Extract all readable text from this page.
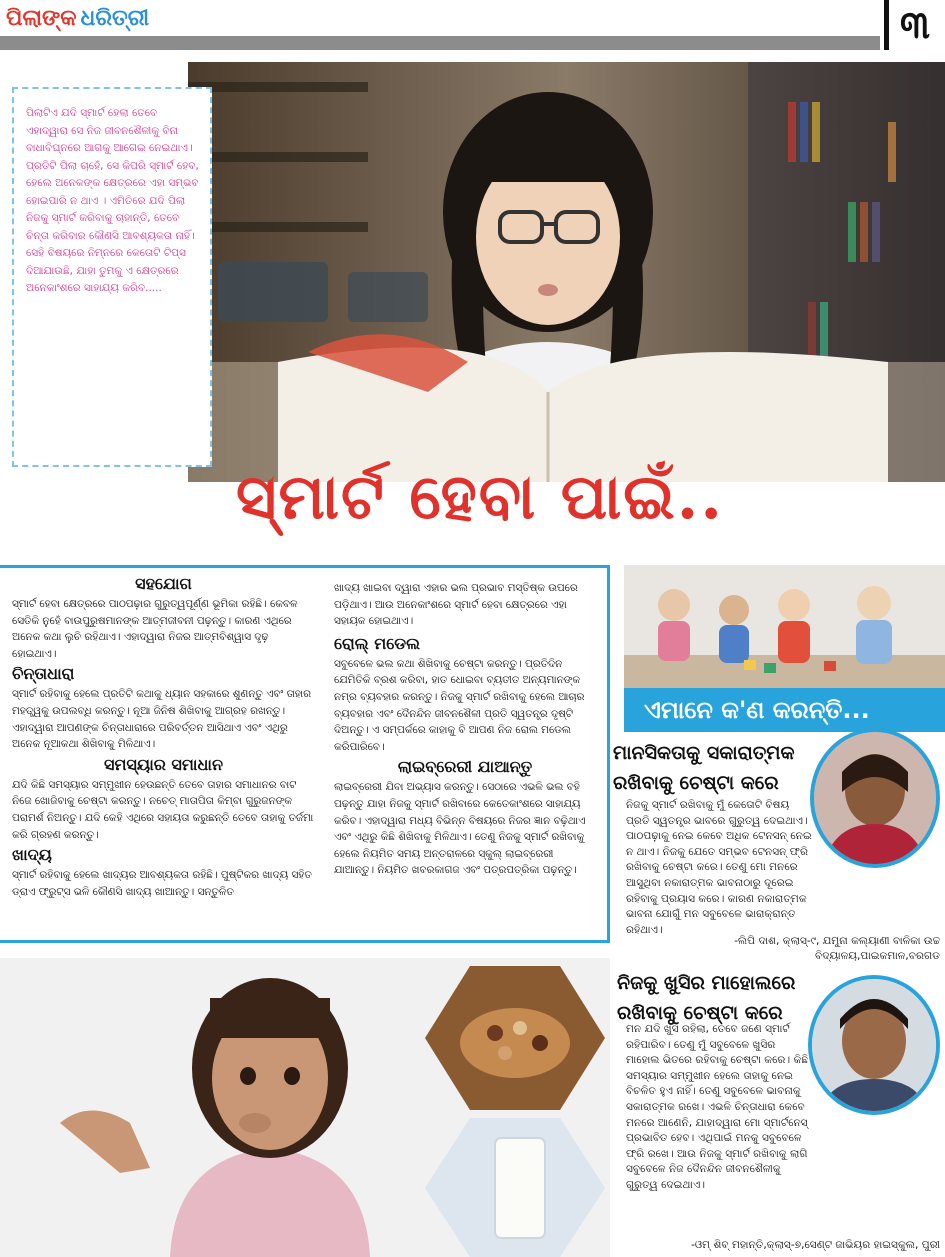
ପିଲାଙ୍କ ଧରିତ୍ରୀ	୩
ପିଲାଟିଏ ଯଦି ସ୍ମାର୍ଟ ହେଲା ତେବେ ଏହାଦ୍ୱାରା ସେ ନିଜ ଜୀବନଶୈଳୀକୁ ବିନା ବାଧାବିଘ୍ନରେ ଆଗକୁ ଆଗେଇ ନେଇଥାଏ। ପ୍ରତିଟି ପିଲା ଚାହେଁ, ସେ କିପରି ସ୍ମାର୍ଟ ହେବ, ହେଲେ ଅନେକଙ୍କ କ୍ଷେତ୍ରରେ ଏହା ସମ୍ଭବ ହୋଇପାରି ନ ଥାଏ । ଏମିତିରେ ଯଦି ପିଲା ନିଜକୁ ସ୍ମାର୍ଟ କରିବାକୁ ଚାହାନ୍ତି, ତେବେ ଚିନ୍ତା କରିବାର କୌଣସି ଆବଶ୍ୟକତା ନାହିଁ। ସେହି ବିଷୟରେ ନିମ୍ନରେ କେତୋଟି ଟିପ୍ସ ଦିଆଯାଉଛି, ଯାହା ତୁମକୁ ଏ କ୍ଷେତ୍ରରେ ଅନେକାଂଶରେ ସାହାଯ୍ୟ କରିବ.....
ସ୍ମାର୍ଟ ହେବା ପାଇଁ..
ସହଯୋଗ

ସ୍ମାର୍ଟ ହେବା କ୍ଷେତ୍ରରେ ପାଠପଢ଼ାର ଗୁରୁତ୍ୱପୂର୍ଣ୍ଣ ଭୂମିକା ରହିଛି। କେବଳ ସେତିକି ନୁହେଁ ବାଉପୁରୁଷମାନଙ୍କ ଆତ୍ମଜୀବନୀ ପଢ଼ନ୍ତୁ। କାରଣ ଏଥିରେ ଅନେକ କଥା ଲୁଚି ରହିଥାଏ। ଏହାଦ୍ୱାରା ନିଜର ଆତ୍ମବିଶ୍ୱାସ ଦୃଢ଼ ହୋଇଥାଏ।

ଚିନ୍ତାଧାରା

ସ୍ମାର୍ଟ ରହିବାକୁ ହେଲେ ପ୍ରତିଟି କଥାକୁ ଧ୍ୟାନ ସହକାରେ ଶୁଣନ୍ତୁ ଏବଂ ତାହାର ମହତ୍ତ୍ୱକୁ ଉପଲବ୍ଧି କରନ୍ତୁ। ନୂଆ ଜିନିଷ ଶିଖିବାକୁ ଆଗ୍ରହ ରଖନ୍ତୁ। ଏହାଦ୍ୱାରା ଆପଣଙ୍କ ଚିନ୍ତାଧାରାରେ ପରିବର୍ତ୍ତନ ଆସିଥାଏ ଏବଂ ଏଥିରୁ ଅନେକ ନୂଆକଥା ଶିଖିବାକୁ ମିଳିଥାଏ।

ସମସ୍ୟାର ସମାଧାନ

ଯଦି କିଛି ସମସ୍ୟାର ସମ୍ମୁଖୀନ ହେଉଛନ୍ତି ତେବେ ତାହାର ସମାଧାନର ବାଟ ନିଜେ ଖୋଜିବାକୁ ଚେଷ୍ଟା କରନ୍ତୁ। ନଚେତ୍ ମାତାପିତା କିମ୍ବା ଗୁରୁଜନଙ୍କ ପରାମର୍ଶ ନିଅନ୍ତୁ। ଯଦି କେହି ଏଥିରେ ସହାୟତା କରୁଛନ୍ତି ତେବେ ତାହାକୁ ତର୍ଜମା କରି ଗ୍ରହଣ କରନ୍ତୁ।

ଖାଦ୍ୟ

ସ୍ମାର୍ଟ ରହିବାକୁ ହେଲେ ଖାଦ୍ୟର ଆବଶ୍ୟକତା ରହିଛି। ପୁଷ୍ଟିକର ଖାଦ୍ୟ ସହିତ ଡ୍ରାଏ ଫ୍ରୁଟ୍ସ ଭଳି କୌଣସି ଖାଦ୍ୟ ଖାଆନ୍ତୁ। ସନ୍ତୁଳିତ

ଖାଦ୍ୟ ଖାଇବା ଦ୍ୱାରା ଏହାର ଭଲ ପ୍ରଭାବ ମସ୍ତିଷ୍କ ଉପରେ ପଡ଼ିଥାଏ। ଆଉ ଅନେକାଂଶରେ ସ୍ମାର୍ଟ ହେବା କ୍ଷେତ୍ରରେ ଏହା ସହାୟକ ହୋଇଥାଏ।

ରୋଲ୍ ମଡେଲ

ସବୁବେଳେ ଭଲ କଥା ଶିଖିବାକୁ ଚେଷ୍ଟା କରନ୍ତୁ। ପ୍ରତିଦିନ ଯେମିତିକି ବ୍ରଶ କରିବା, ହାତ ଧୋଇବା ବ୍ୟତୀତ ଅନ୍ୟମାନଙ୍କ ନମ୍ର ବ୍ୟବହାର କରନ୍ତୁ। ନିଜକୁ ସ୍ମାର୍ଟ ରଖିବାକୁ ହେଲେ ଆଚାର ବ୍ୟବହାର ଏବଂ ଦୈନନ୍ଦିନ ଜୀବନଶୈଳୀ ପ୍ରତି ସ୍ୱତନ୍ତ୍ର ଦୃଷ୍ଟି ଦିଅନ୍ତୁ। ଏ ସମ୍ପର୍କରେ କାହାକୁ ବି ଆପଣ ନିଜ ରୋଲ ମଡେଲ କରିପାରିବେ।

ଲାଇବ୍ରେରୀ ଯାଆନ୍ତୁ

ଲାଇବ୍ରେରୀ ଯିବା ଅଭ୍ୟାସ କରନ୍ତୁ। ସେଠାରେ ଏଭଳି ଭଲ ବହି ପଢ଼ନ୍ତୁ ଯାହା ନିଜକୁ ସ୍ମାର୍ଟ ରଖିବାରେ କେତେକାଂଶରେ ସାହାଯ୍ୟ କରିବ। ଏହାଦ୍ୱାରା ମଧ୍ୟ ବିଭିନ୍ନ ବିଷୟରେ ନିଜର ଜ୍ଞାନ ବଢ଼ିଥାଏ ଏବଂ ଏଥିରୁ କିଛି ଶିଖିବାକୁ ମିଳିଥାଏ। ତେଣୁ ନିଜକୁ ସ୍ମାର୍ଟ ରଖିବାକୁ ହେଲେ ନିୟମିତ ସମୟ ଅନ୍ତରାଳରେ ସ୍କୁଲ୍ ଲାଇବ୍ରେରୀ ଯାଆନ୍ତୁ। ନିୟମିତ ଖବରକାଗଜ ଏବଂ ପତ୍ରପତ୍ରିକା ପଢ଼ନ୍ତୁ।

ଏମାନେ କ'ଣ କରନ୍ତି...
ମାନସିକତାକୁ ସକାରାତ୍ମକ
ରଖିବାକୁ ଚେଷ୍ଟା କରେ
ନିଜକୁ ସ୍ମାର୍ଟ ରଖିବାକୁ ମୁଁ କେତୋଟି ବିଷୟ ପ୍ରତି ସ୍ୱତନ୍ତ୍ର ଭାବରେ ଗୁରୁତ୍ୱ ଦେଇଥାଏ। ପାଠପଢ଼ାକୁ ନେଇ କେବେ ଅଧିକ ଟେନସନ୍ ନେଇ ନ ଥାଏ। ନିଜକୁ ଯେତେ ସମ୍ଭବ ଟେନସନ୍ ଫ୍ରି ରଖିବାକୁ ଚେଷ୍ଟା କରେ। ତେଣୁ ମୋ ମନରେ ଆସୁଥିବା ନକାରାତ୍ମକ ଭାବନାଠାରୁ ଦୂରେଇ ରହିବାକୁ ପ୍ରୟାସ କରେ। କାରଣ ନକାରାତ୍ମକ ଭାବନା ଯୋଗୁଁ ମନ ସବୁବେଳେ ଭାରାକ୍ରାନ୍ତ ରହିଥାଏ।
-ଲିପି ଦାଶ, କ୍ଲାସ୍-୯, ଯମୁନା କଲ୍ୟାଣୀ ବାଳିକା ଉଚ୍ଚ
ବିଦ୍ୟାଳୟ,ପାଇକମାଳ,ବରଗଡ
ନିଜକୁ ଖୁସିର ମାହୋଲରେ
ରଖିବାକୁ ଚେଷ୍ଟା କରେ
ମନ ଯଦି ଖୁସି ରହିଲା, ତେବେ ଜଣେ ସ୍ମାର୍ଟ ରହିପାରିବ। ତେଣୁ ମୁଁ ସବୁବେଳେ ଖୁସିର ମାହୋଲ ଭିତରେ ରହିବାକୁ ଚେଷ୍ଟା କରେ। କିଛି ସମସ୍ୟାର ସମ୍ମୁଖୀନ ହେଲେ ତାହାକୁ ନେଇ ବିଚଳିତ ହୁଏ ନାହିଁ। ତେଣୁ ସବୁବେଳେ ଭାବନାକୁ ସକାରାତ୍ମକ ରଖେ। ଏଭଳି ଚିନ୍ତାଧାରା କେବେ ମନରେ ଆଣେନି, ଯାହାଦ୍ୱାରା ମୋ ସ୍ମାର୍ଟନେସ୍ ପ୍ରଭାବିତ ହେବ। ଏଥିପାଇଁ ମନକୁ ସବୁବେଳେ ଫ୍ରି ରଖେ। ଆଉ ନିଜକୁ ସ୍ମାର୍ଟ ରଖିବାକୁ ଲାଗି ସବୁବେଳେ ନିଜ ଦୈନନ୍ଦିନ ଜୀବନଶୈଳୀକୁ ଗୁରୁତ୍ୱ ଦେଇଥାଏ।
-ଓମ୍ ଶିବ୍ ମହାନ୍ତି,କ୍ଲାସ୍-୭,ସେଣ୍ଟ ଜାଭିୟର ହାଇସ୍କୁଲ, ପୁରୀ
